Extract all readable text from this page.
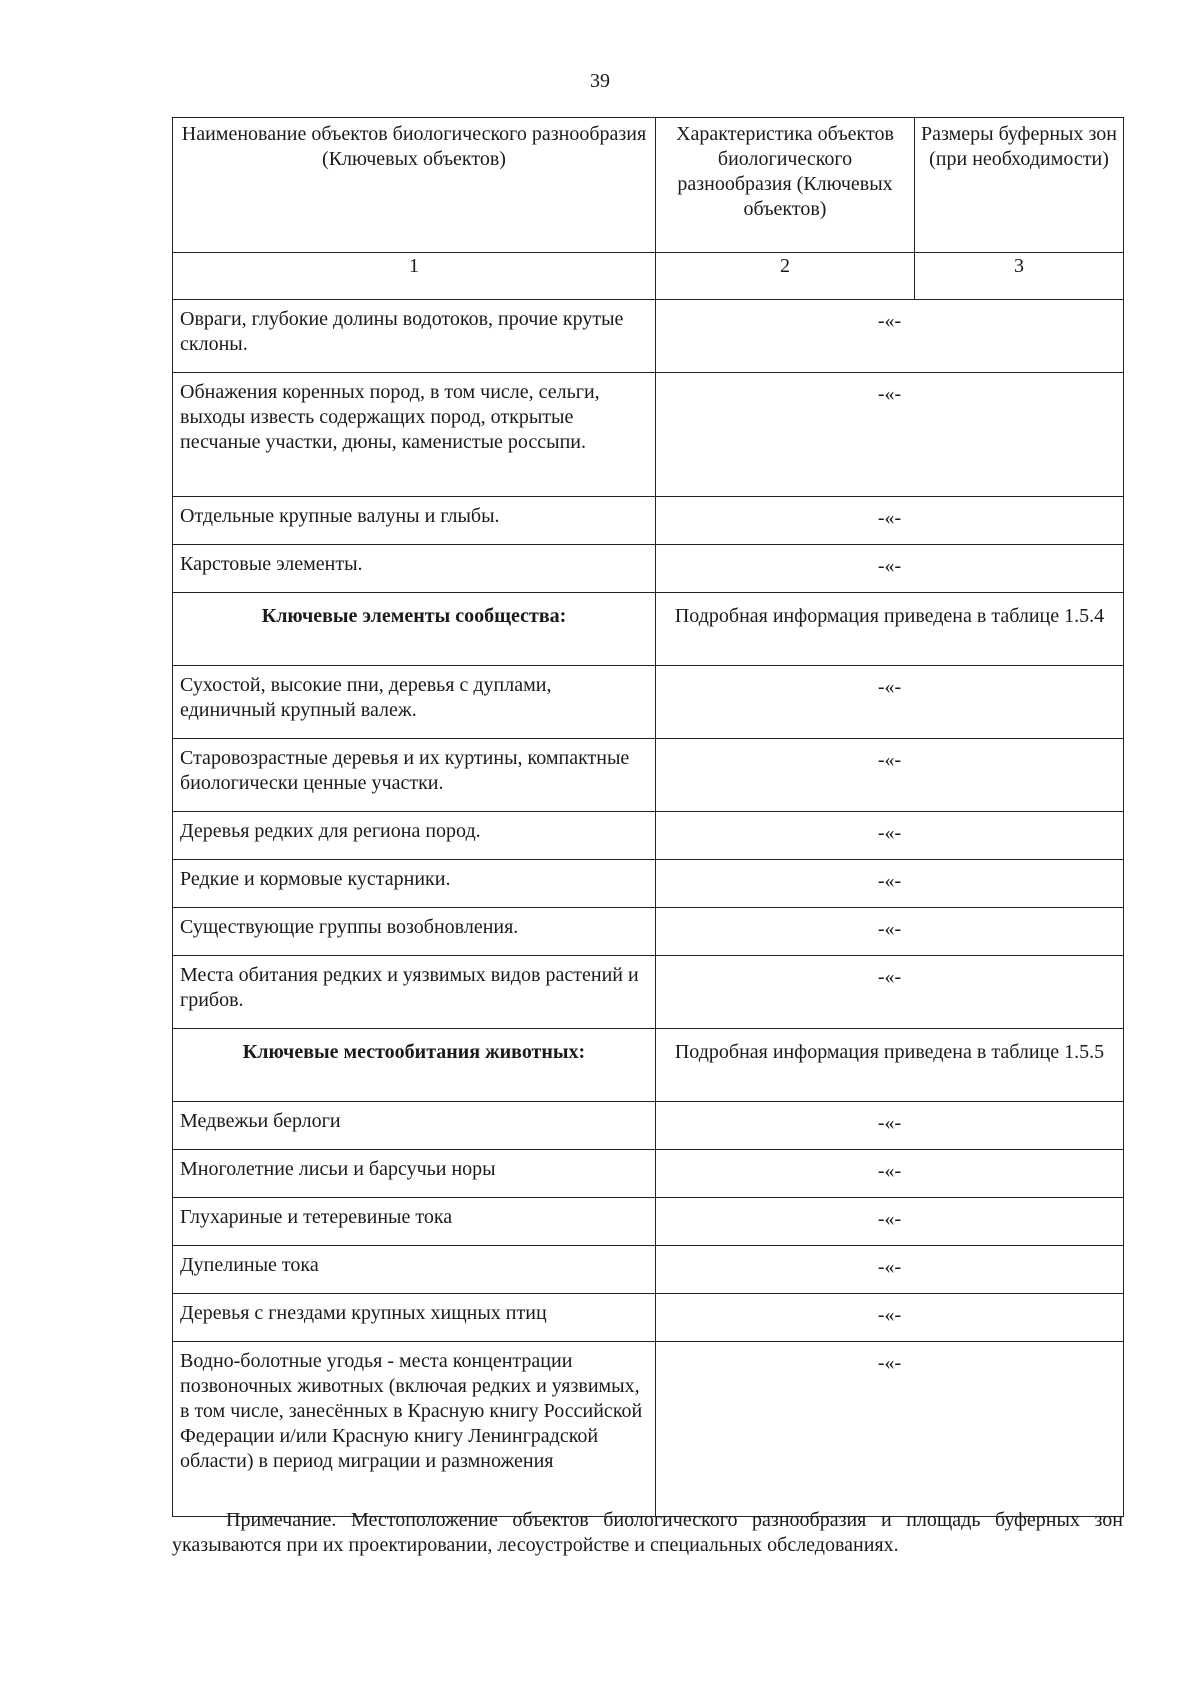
39
Наименование объектов биологического разнообразия (Ключевых объектов)	Характеристика объектов биологического разнообразия (Ключевых объектов)	Размеры буферных зон (при необходимости)
1	2	3
Овраги, глубокие долины водотоков, прочие крутые склоны.	-«-	
Обнажения коренных пород, в том числе, сельги, выходы известь содержащих пород, открытые песчаные участки, дюны, каменистые россыпи.	-«-	
Отдельные крупные валуны и глыбы.	-«-	
Карстовые элементы.	-«-	
Ключевые элементы сообщества:	Подробная информация приведена в таблице 1.5.4	
Сухостой, высокие пни, деревья с дуплами, единичный крупный валеж.	-«-	
Старовозрастные деревья и их куртины, компактные биологически ценные участки.	-«-	
Деревья редких для региона пород.	-«-	
Редкие и кормовые кустарники.	-«-	
Существующие группы возобновления.	-«-	
Места обитания редких и уязвимых видов растений и грибов.	-«-	
Ключевые местообитания животных:	Подробная информация приведена в таблице 1.5.5	
Медвежьи берлоги	-«-	
Многолетние лисьи и барсучьи норы	-«-	
Глухариные и тетеревиные тока	-«-	
Дупелиные тока	-«-	
Деревья с гнездами крупных хищных птиц	-«-	
Водно-болотные угодья - места концентрации позвоночных животных (включая редких и уязвимых, в том числе, занесённых в Красную книгу Российской Федерации и/или Красную книгу Ленинградской области) в период миграции и размножения	-«-	
Примечание. Местоположение объектов биологического разнообразия и площадь буферных зон указываются при их проектировании, лесоустройстве и специальных обследованиях.
